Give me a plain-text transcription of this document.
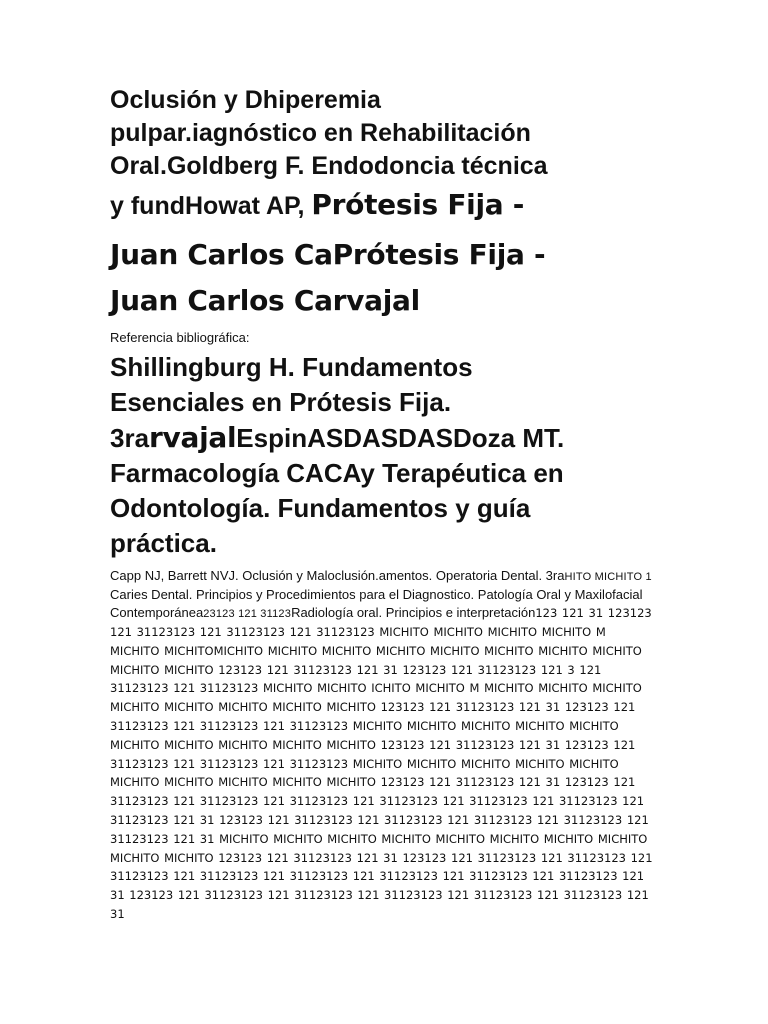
Oclusión y Dhiperemia
pulpar.iagnóstico en Rehabilitación
Oral.Goldberg F. Endodoncia técnica
y fundHowat AP, Prótesis Fija -
Juan Carlos CaPrótesis Fija -
Juan Carlos Carvajal
Referencia bibliográfica:
Shillingburg H. Fundamentos
Esenciales en Prótesis Fija.
3rarvajalEspinASDASDASDoza MT.
Farmacología CACAy Terapéutica en
Odontología. Fundamentos y guía
práctica.
Capp NJ, Barrett NVJ. Oclusión y Maloclusión.amentos. Operatoria Dental. 3raHITO MICHITO 1 Caries Dental. Principios y Procedimientos para el Diagnostico. Patología Oral y Maxilofacial Contemporánea23123 121 31123Radiología oral. Principios e interpretación123 121 31 123123 121 31123123 121 31123123 121 31123123 MICHITO MICHITO MICHITO MICHITO M MICHITO MICHITOMICHITO MICHITO MICHITO MICHITO MICHITO MICHITO MICHITO MICHITO MICHITO MICHITO 123123 121 31123123 121 31 123123 121 31123123 121 3 121 31123123 121 31123123 MICHITO MICHITO ICHITO MICHITO M MICHITO MICHITO MICHITO MICHITO MICHITO MICHITO MICHITO MICHITO 123123 121 31123123 121 31 123123 121 31123123 121 31123123 121 31123123 MICHITO MICHITO MICHITO MICHITO MICHITO MICHITO MICHITO MICHITO MICHITO MICHITO 123123 121 31123123 121 31 123123 121 31123123 121 31123123 121 31123123 MICHITO MICHITO MICHITO MICHITO MICHITO MICHITO MICHITO MICHITO MICHITO MICHITO 123123 121 31123123 121 31 123123 121 31123123 121 31123123 121 31123123 121 31123123 121 31123123 121 31123123 121 31123123 121 31 123123 121 31123123 121 31123123 121 31123123 121 31123123 121 31123123 121 31 MICHITO MICHITO MICHITO MICHITO MICHITO MICHITO MICHITO MICHITO MICHITO MICHITO 123123 121 31123123 121 31 123123 121 31123123 121 31123123 121 31123123 121 31123123 121 31123123 121 31123123 121 31123123 121 31123123 121 31 123123 121 31123123 121 31123123 121 31123123 121 31123123 121 31123123 121 31
